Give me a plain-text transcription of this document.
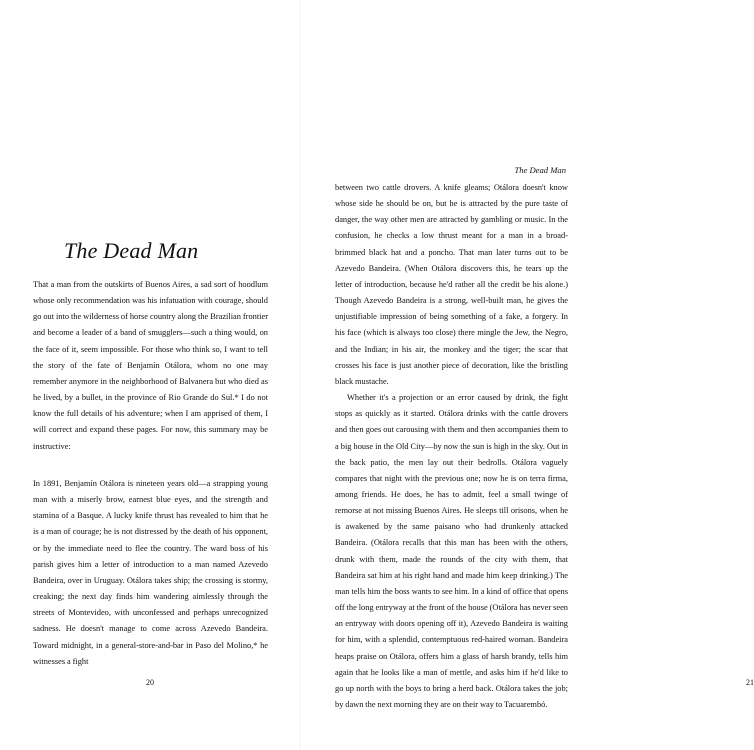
The Dead Man

That a man from the outskirts of Buenos Aires, a sad sort of hoodlum whose only recommendation was his infatuation with courage, should go out into the wilderness of horse country along the Brazilian frontier and become a leader of a band of smugglers—such a thing would, on the face of it, seem impossible. For those who think so, I want to tell the story of the fate of Benjamín Otálora, whom no one may remember anymore in the neighborhood of Balvanera but who died as he lived, by a bullet, in the province of Rio Grande do Sul.* I do not know the full details of his adventure; when I am apprised of them, I will correct and expand these pages. For now, this summary may be instructive:

In 1891, Benjamín Otálora is nineteen years old—a strapping young man with a miserly brow, earnest blue eyes, and the strength and stamina of a Basque. A lucky knife thrust has revealed to him that he is a man of courage; he is not distressed by the death of his opponent, or by the immediate need to flee the country. The ward boss of his parish gives him a letter of introduction to a man named Azevedo Bandeira, over in Uruguay. Otálora takes ship; the crossing is stormy, creaking; the next day finds him wandering aimlessly through the streets of Montevideo, with unconfessed and perhaps unrecognized sadness. He doesn't manage to come across Azevedo Bandeira. Toward midnight, in a general-store-and-bar in Paso del Molino,* he witnesses a fight

20
The Dead Man

between two cattle drovers. A knife gleams; Otálora doesn't know whose side he should be on, but he is attracted by the pure taste of danger, the way other men are attracted by gambling or music. In the confusion, he checks a low thrust meant for a man in a broad-brimmed black hat and a poncho. That man later turns out to be Azevedo Bandeira. (When Otálora discovers this, he tears up the letter of introduction, because he'd rather all the credit be his alone.) Though Azevedo Bandeira is a strong, well-built man, he gives the unjustifiable impression of being something of a fake, a forgery. In his face (which is always too close) there mingle the Jew, the Negro, and the Indian; in his air, the monkey and the tiger; the scar that crosses his face is just another piece of decoration, like the bristling black mustache.

Whether it's a projection or an error caused by drink, the fight stops as quickly as it started. Otálora drinks with the cattle drovers and then goes out carousing with them and then accompanies them to a big house in the Old City—by now the sun is high in the sky. Out in the back patio, the men lay out their bedrolls. Otálora vaguely compares that night with the previous one; now he is on terra firma, among friends. He does, he has to admit, feel a small twinge of remorse at not missing Buenos Aires. He sleeps till orisons, when he is awakened by the same paisano who had drunkenly attacked Bandeira. (Otálora recalls that this man has been with the others, drunk with them, made the rounds of the city with them, that Bandeira sat him at his right hand and made him keep drinking.) The man tells him the boss wants to see him. In a kind of office that opens off the long entryway at the front of the house (Otálora has never seen an entryway with doors opening off it), Azevedo Bandeira is waiting for him, with a splendid, contemptuous red-haired woman. Bandeira heaps praise on Otálora, offers him a glass of harsh brandy, tells him again that he looks like a man of mettle, and asks him if he'd like to go up north with the boys to bring a herd back. Otálora takes the job; by dawn the next morning they are on their way to Tacuarembó.

21
